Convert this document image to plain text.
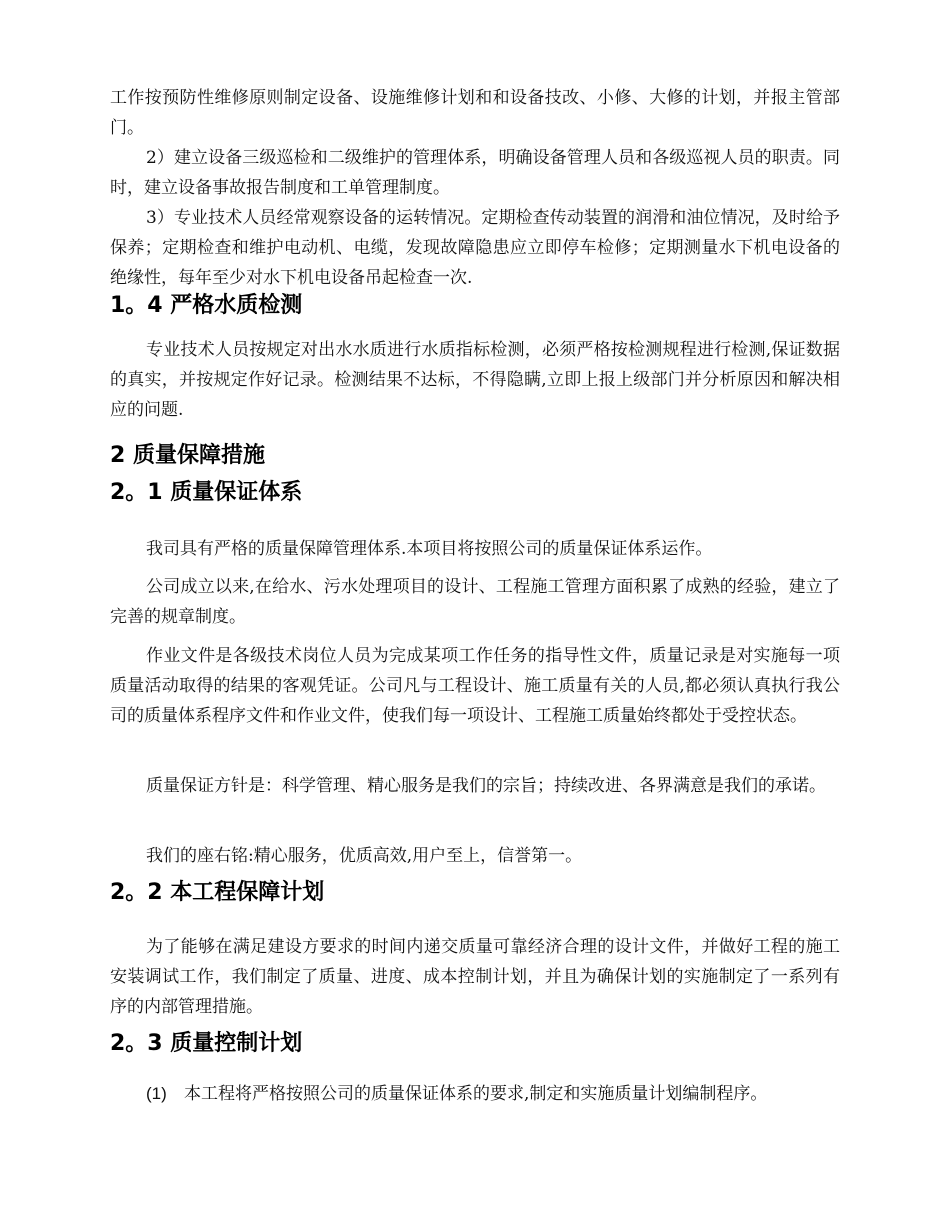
工作按预防性维修原则制定设备、设施维修计划和和设备技改、小修、大修的计划，并报主管部门。

2）建立设备三级巡检和二级维护的管理体系，明确设备管理人员和各级巡视人员的职责。同时，建立设备事故报告制度和工单管理制度。

3）专业技术人员经常观察设备的运转情况。定期检查传动装置的润滑和油位情况，及时给予保养；定期检查和维护电动机、电缆，发现故障隐患应立即停车检修；定期测量水下机电设备的绝缘性，每年至少对水下机电设备吊起检查一次.

1。4 严格水质检测

专业技术人员按规定对出水水质进行水质指标检测，必须严格按检测规程进行检测,保证数据的真实，并按规定作好记录。检测结果不达标，不得隐瞒,立即上报上级部门并分析原因和解决相应的问题.

2 质量保障措施
2。1 质量保证体系

我司具有严格的质量保障管理体系.本项目将按照公司的质量保证体系运作。

公司成立以来,在给水、污水处理项目的设计、工程施工管理方面积累了成熟的经验，建立了完善的规章制度。

作业文件是各级技术岗位人员为完成某项工作任务的指导性文件，质量记录是对实施每一项质量活动取得的结果的客观凭证。公司凡与工程设计、施工质量有关的人员,都必须认真执行我公司的质量体系程序文件和作业文件，使我们每一项设计、工程施工质量始终都处于受控状态。

质量保证方针是：科学管理、精心服务是我们的宗旨；持续改进、各界满意是我们的承诺。

我们的座右铭:精心服务，优质高效,用户至上，信誉第一。

2。2 本工程保障计划

为了能够在满足建设方要求的时间内递交质量可靠经济合理的设计文件，并做好工程的施工安装调试工作，我们制定了质量、进度、成本控制计划，并且为确保计划的实施制定了一系列有序的内部管理措施。

2。3 质量控制计划

(1) 本工程将严格按照公司的质量保证体系的要求,制定和实施质量计划编制程序。
